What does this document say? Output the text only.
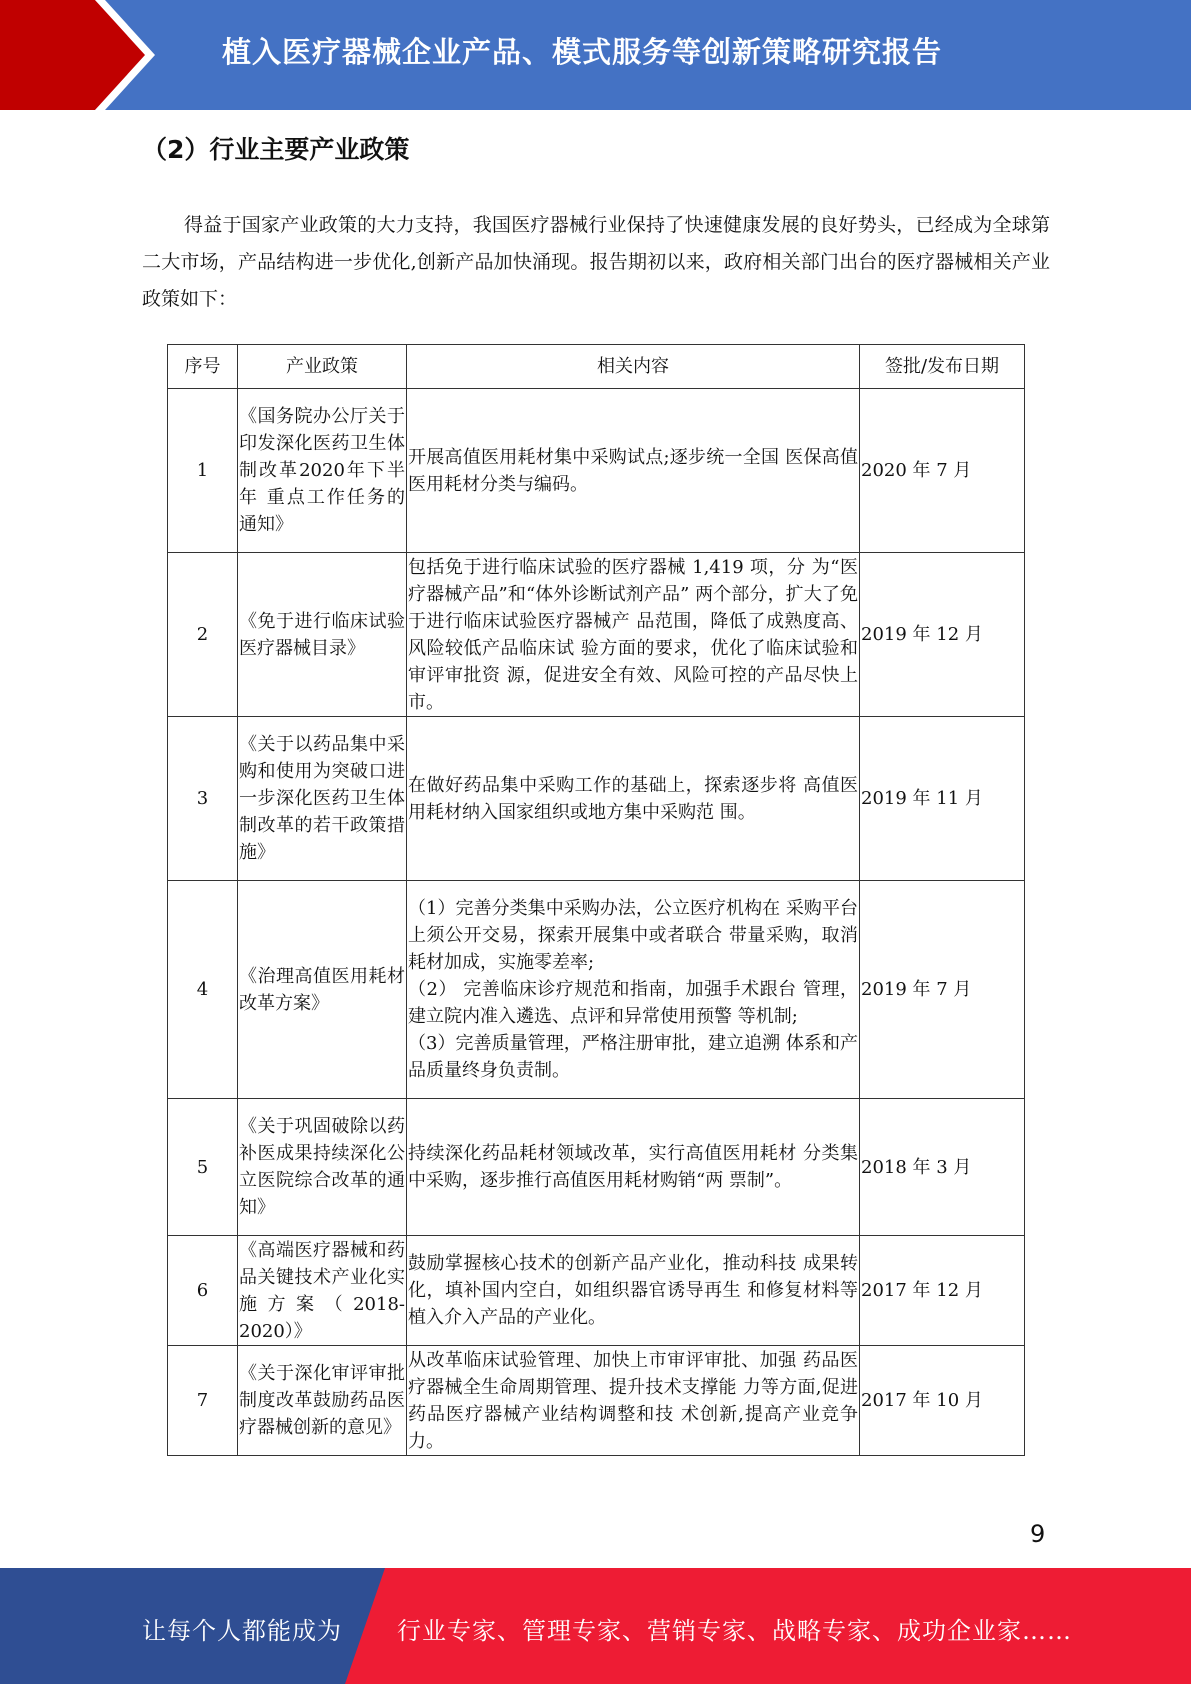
植入医疗器械企业产品、模式服务等创新策略研究报告
（2）行业主要产业政策

得益于国家产业政策的大力支持，我国医疗器械行业保持了快速健康发展的良好势头，已经成为全球第二大市场，产品结构进一步优化,创新产品加快涌现。报告期初以来，政府相关部门出台的医疗器械相关产业政策如下：

序号	产业政策	相关内容	签批/发布日期
1	《国务院办公厅关于印发深化医药卫生体制改革2020年下半年 重点工作任务的 通知》	开展高值医用耗材集中采购试点;逐步统一全国 医保高值医用耗材分类与编码。	2020 年 7 月
2	《免于进行临床试验医疗器械目录》	包括免于进行临床试验的医疗器械 1,419 项，分 为“医疗器械产品”和“体外诊断试剂产品” 两个部分，扩大了免于进行临床试验医疗器械产 品范围，降低了成熟度高、风险较低产品临床试 验方面的要求，优化了临床试验和审评审批资 源，促进安全有效、风险可控的产品尽快上市。	2019 年 12 月
3	《关于以药品集中采购和使用为突破口进一步深化医药卫生体制改革的若干政策措施》	在做好药品集中采购工作的基础上，探索逐步将 高值医用耗材纳入国家组织或地方集中采购范 围。	2019 年 11 月
4	《治理高值医用耗材改革方案》	（1）完善分类集中采购办法，公立医疗机构在 采购平台上须公开交易，探索开展集中或者联合 带量采购，取消耗材加成，实施零差率;
（2） 完善临床诊疗规范和指南，加强手术跟台 管理，建立院内准入遴选、点评和异常使用预警 等机制;
（3）完善质量管理，严格注册审批，建立追溯 体系和产品质量终身负责制。	2019 年 7 月
5	《关于巩固破除以药补医成果持续深化公立医院综合改革的通 知》	持续深化药品耗材领域改革，实行高值医用耗材 分类集中采购，逐步推行高值医用耗材购销“两 票制”。	2018 年 3 月
6	《高端医疗器械和药品关键技术产业化实施方案（2018-2020）》	鼓励掌握核心技术的创新产品产业化，推动科技 成果转化，填补国内空白，如组织器官诱导再生 和修复材料等植入介入产品的产业化。	2017 年 12 月
7	《关于深化审评审批制度改革鼓励药品医疗器械创新的意见》	从改革临床试验管理、加快上市审评审批、加强 药品医疗器械全生命周期管理、提升技术支撑能 力等方面,促进药品医疗器械产业结构调整和技 术创新,提高产业竞争力。	2017 年 10 月
9
让每个人都能成为 行业专家、管理专家、营销专家、战略专家、成功企业家……
